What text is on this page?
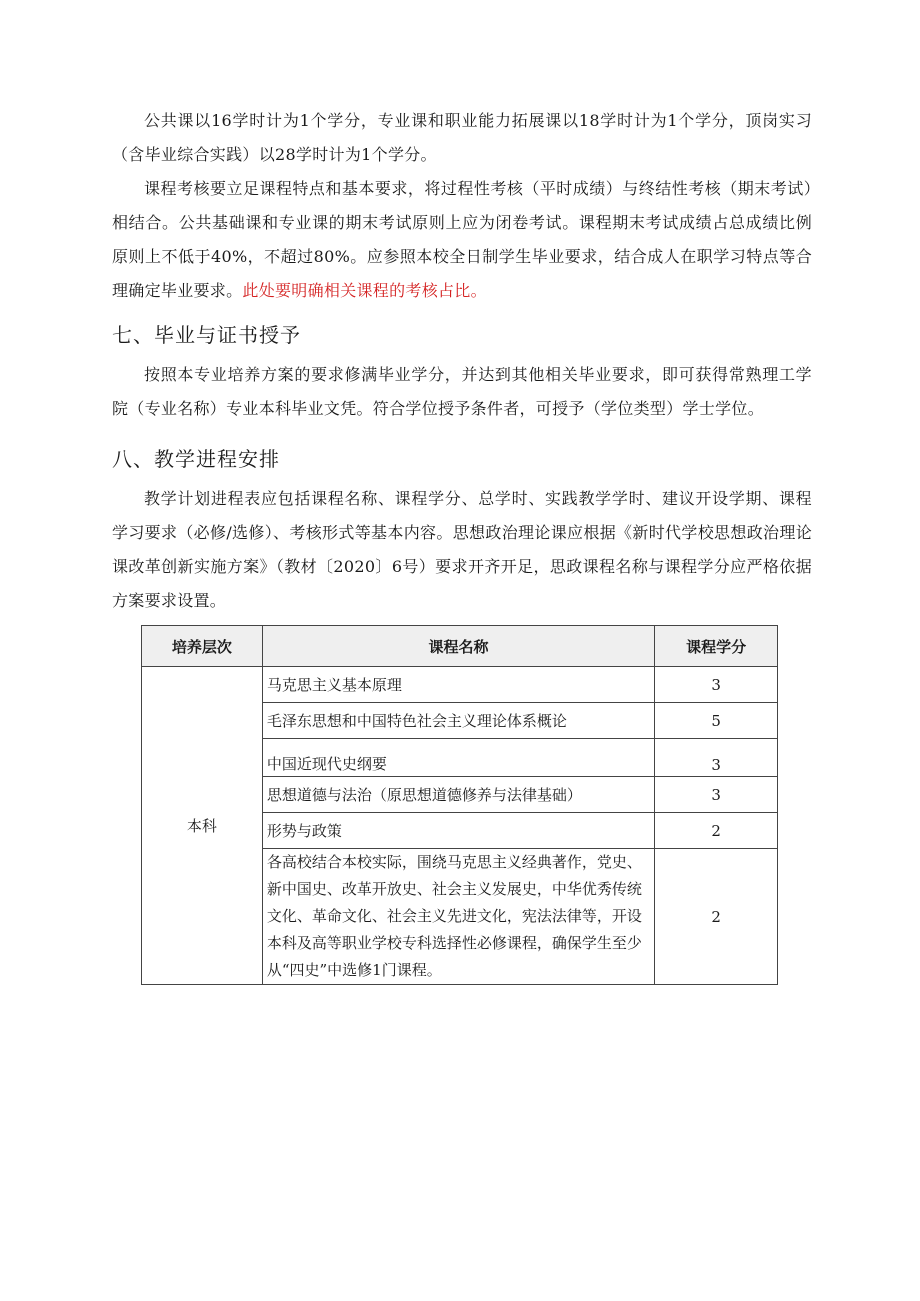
公共课以16学时计为1个学分，专业课和职业能力拓展课以18学时计为1个学分，顶岗实习（含毕业综合实践）以28学时计为1个学分。

课程考核要立足课程特点和基本要求，将过程性考核（平时成绩）与终结性考核（期末考试）相结合。公共基础课和专业课的期末考试原则上应为闭卷考试。课程期末考试成绩占总成绩比例原则上不低于40%，不超过80%。应参照本校全日制学生毕业要求，结合成人在职学习特点等合理确定毕业要求。此处要明确相关课程的考核占比。

七、毕业与证书授予

按照本专业培养方案的要求修满毕业学分，并达到其他相关毕业要求，即可获得常熟理工学院（专业名称）专业本科毕业文凭。符合学位授予条件者，可授予（学位类型）学士学位。

八、教学进程安排

教学计划进程表应包括课程名称、课程学分、总学时、实践教学学时、建议开设学期、课程学习要求（必修/选修）、考核形式等基本内容。思想政治理论课应根据《新时代学校思想政治理论课改革创新实施方案》（教材〔2020〕6号）要求开齐开足，思政课程名称与课程学分应严格依据方案要求设置。

培养层次	课程名称	课程学分
本科	马克思主义基本原理	3
	毛泽东思想和中国特色社会主义理论体系概论	5
	中国近现代史纲要	3
	思想道德与法治（原思想道德修养与法律基础）	3
	形势与政策	2
	各高校结合本校实际，围绕马克思主义经典著作，党史、新中国史、改革开放史、社会主义发展史，中华优秀传统文化、革命文化、社会主义先进文化，宪法法律等，开设本科及高等职业学校专科选择性必修课程，确保学生至少从“四史”中选修1门课程。	2
